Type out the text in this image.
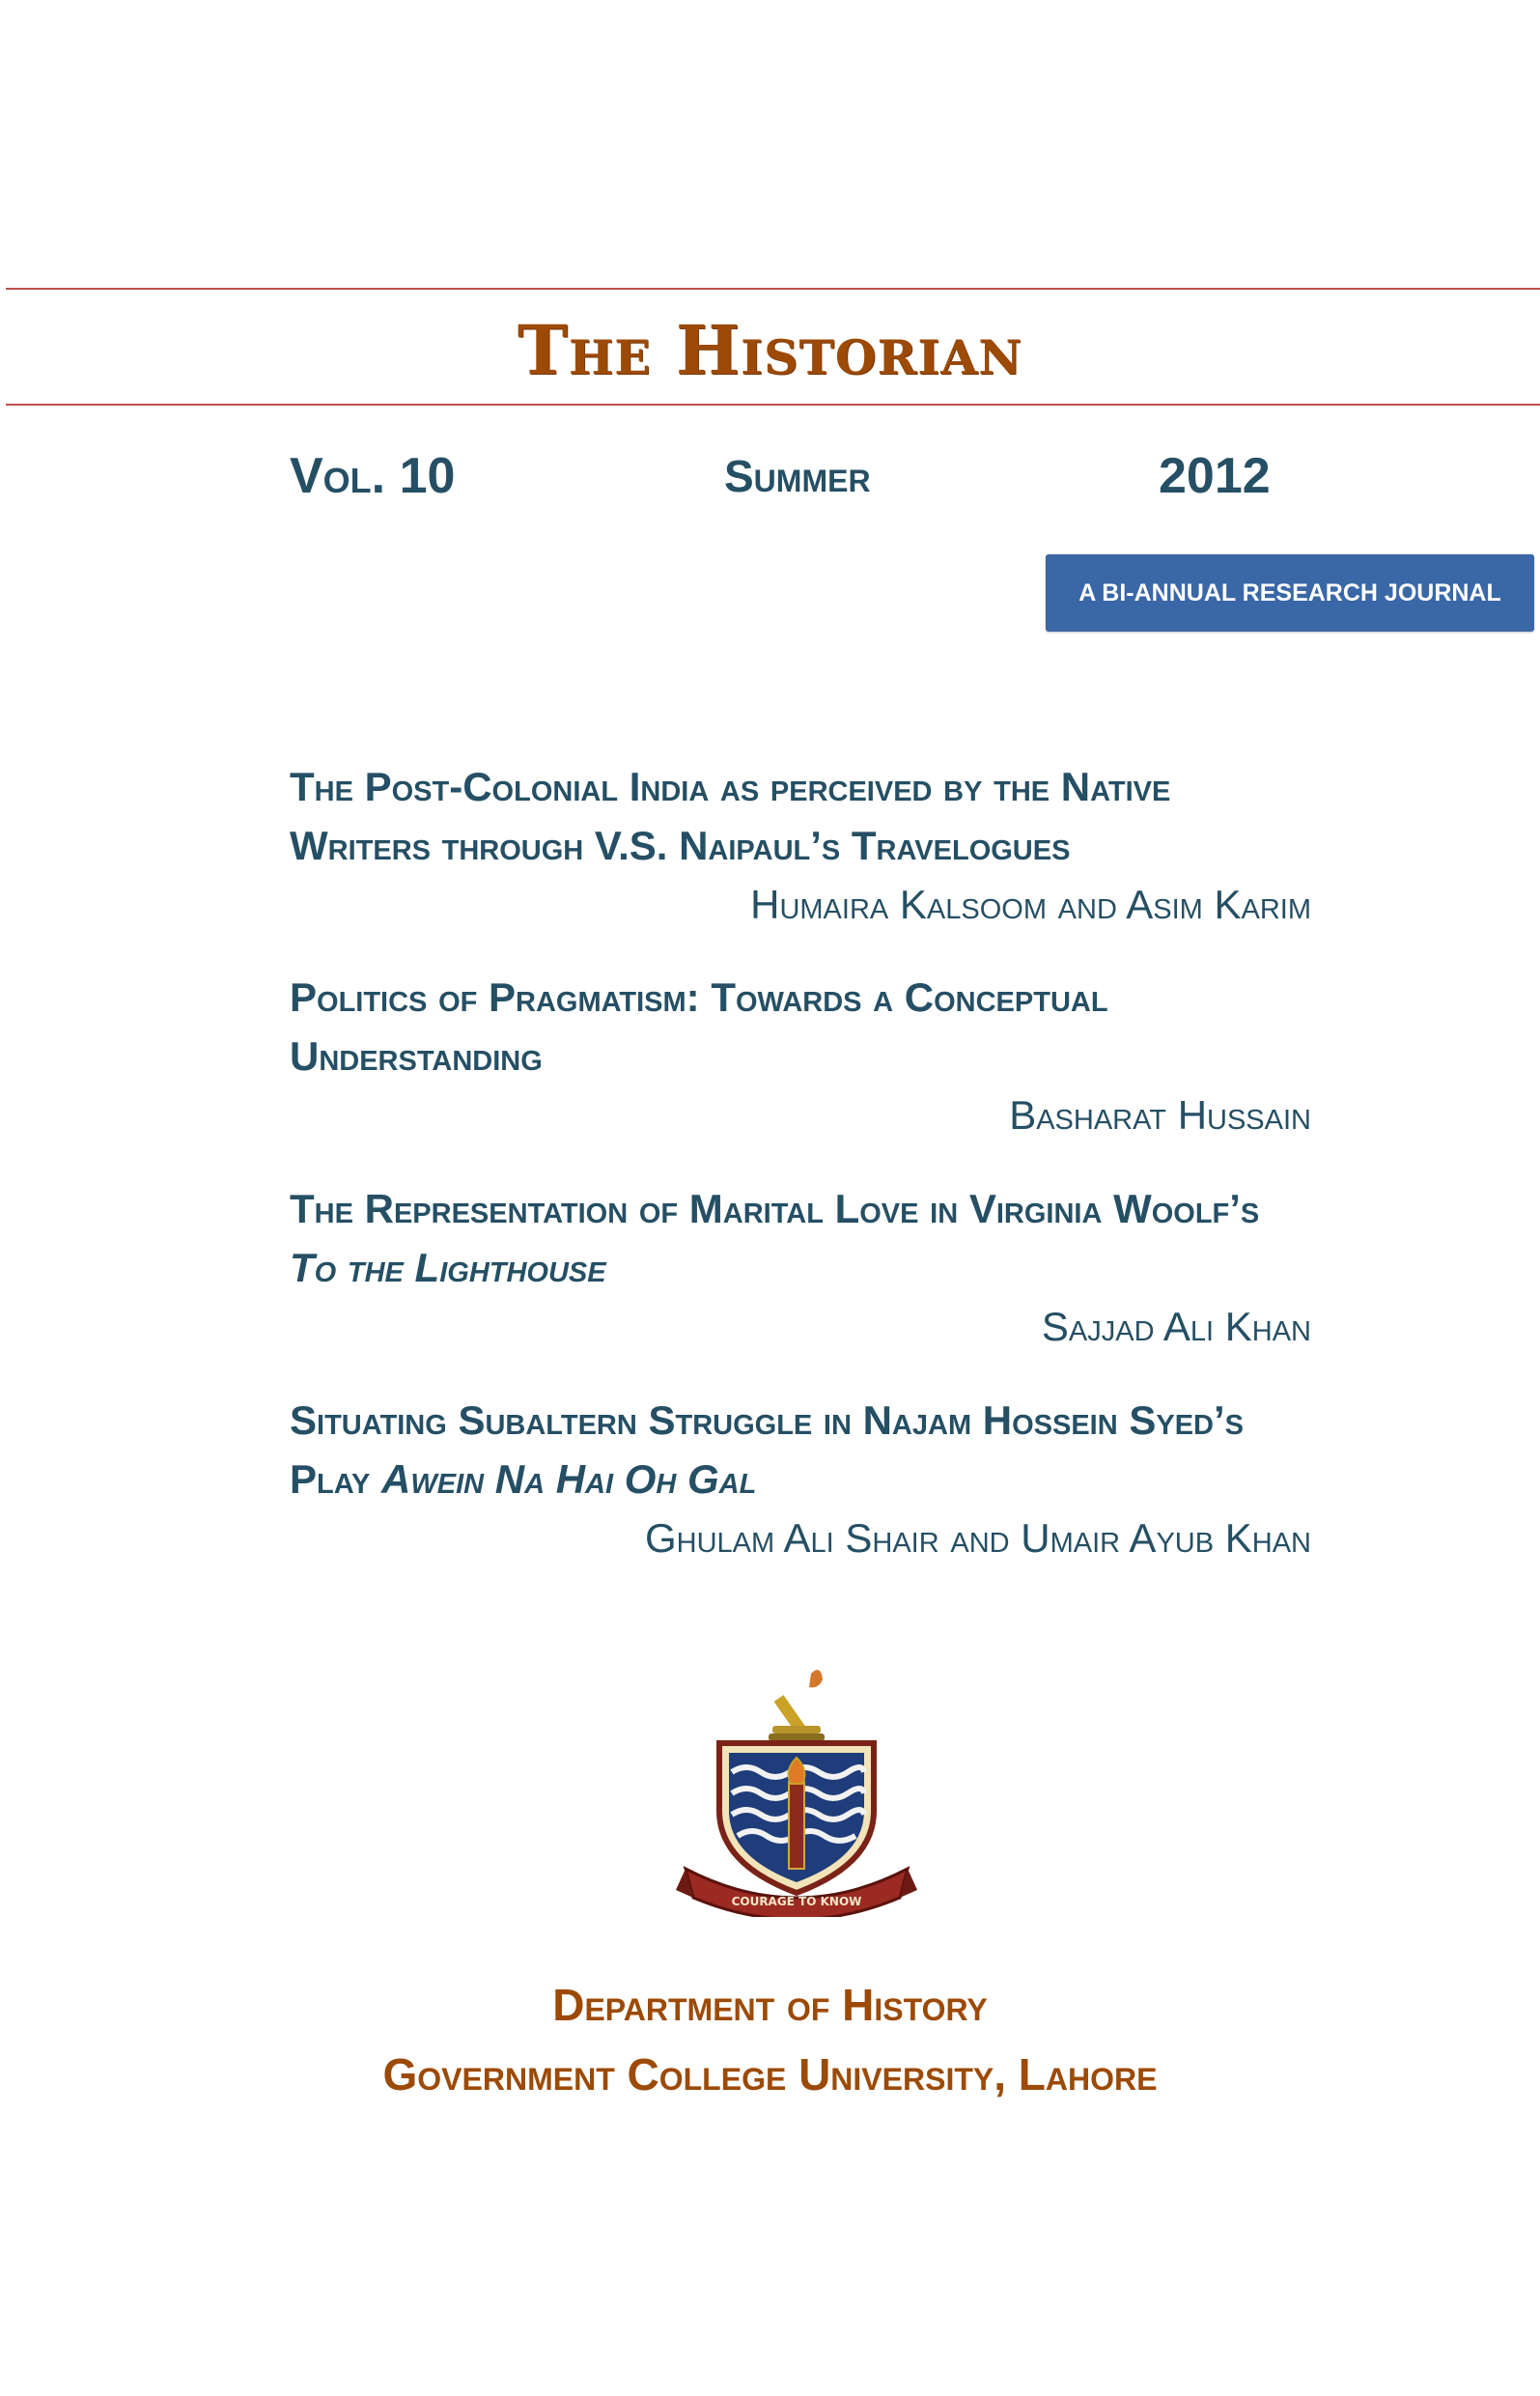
The Historian
Vol. 10	Summer	2012
A BI-ANNUAL RESEARCH JOURNAL

The Post-Colonial India as perceived by the Native Writers through V.S. Naipaul’s Travelogues

Humaira Kalsoom and Asim Karim

Politics of Pragmatism: Towards a Conceptual Understanding

Basharat Hussain

The Representation of Marital Love in Virginia Woolf’s To the Lighthouse

Sajjad Ali Khan

Situating Subaltern Struggle in Najam Hossein Syed’s Play Awein Na Hai Oh Gal

Ghulam Ali Shair and Umair Ayub Khan

COURAGE TO KNOW
Department of History
Government College University, Lahore
